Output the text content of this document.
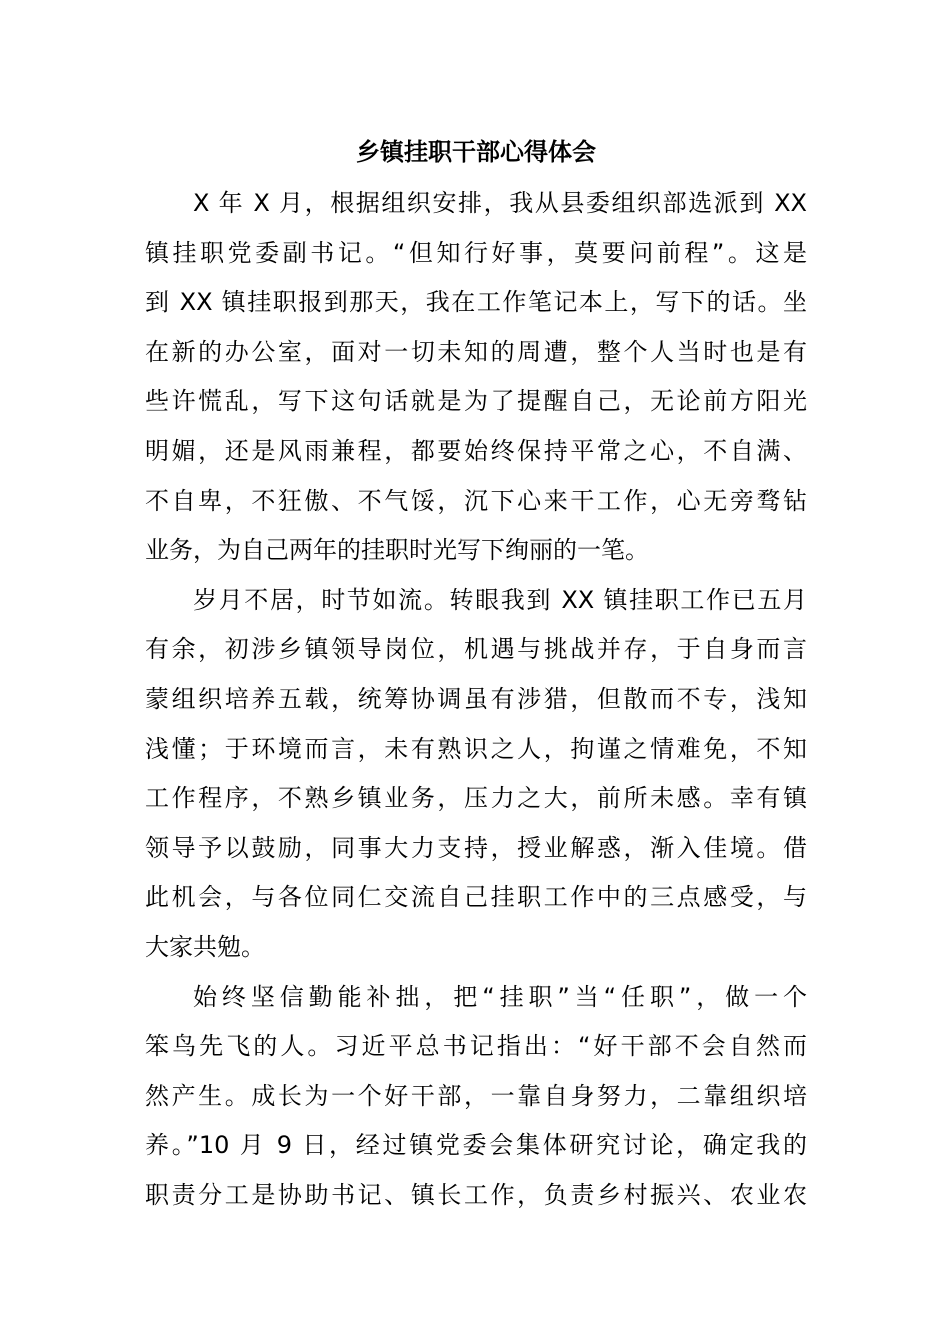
乡镇挂职干部心得体会

X 年 X 月，根据组织安排，我从县委组织部选派到 XX
镇挂职党委副书记。“但知行好事，莫要问前程”。这是
到 XX 镇挂职报到那天，我在工作笔记本上，写下的话。坐
在新的办公室，面对一切未知的周遭，整个人当时也是有
些许慌乱，写下这句话就是为了提醒自己，无论前方阳光
明媚，还是风雨兼程，都要始终保持平常之心，不自满、
不自卑，不狂傲、不气馁，沉下心来干工作，心无旁骛钻
业务，为自己两年的挂职时光写下绚丽的一笔。

岁月不居，时节如流。转眼我到 XX 镇挂职工作已五月
有余，初涉乡镇领导岗位，机遇与挑战并存，于自身而言
蒙组织培养五载，统筹协调虽有涉猎，但散而不专，浅知
浅懂；于环境而言，未有熟识之人，拘谨之情难免，不知
工作程序，不熟乡镇业务，压力之大，前所未感。幸有镇
领导予以鼓励，同事大力支持，授业解惑，渐入佳境。借
此机会，与各位同仁交流自己挂职工作中的三点感受，与
大家共勉。

始终坚信勤能补拙，把“挂职”当“任职”，做一个
笨鸟先飞的人。习近平总书记指出：“好干部不会自然而
然产生。成长为一个好干部，一靠自身努力，二靠组织培
养。”10 月 9 日，经过镇党委会集体研究讨论，确定我的
职责分工是协助书记、镇长工作，负责乡村振兴、农业农
